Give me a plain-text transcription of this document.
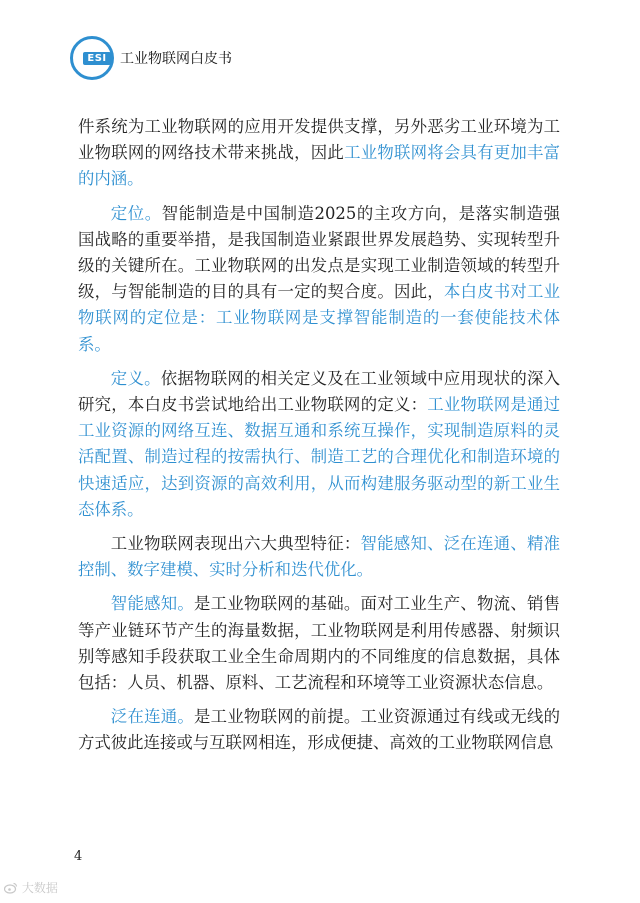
ESI 工业物联网白皮书

件系统为工业物联网的应用开发提供支撑，另外恶劣工业环境为工业物联网的网络技术带来挑战，因此工业物联网将会具有更加丰富的内涵。

定位。智能制造是中国制造2025的主攻方向，是落实制造强国战略的重要举措，是我国制造业紧跟世界发展趋势、实现转型升级的关键所在。工业物联网的出发点是实现工业制造领域的转型升级，与智能制造的目的具有一定的契合度。因此，本白皮书对工业物联网的定位是：工业物联网是支撑智能制造的一套使能技术体系。

定义。依据物联网的相关定义及在工业领域中应用现状的深入研究，本白皮书尝试地给出工业物联网的定义：工业物联网是通过工业资源的网络互连、数据互通和系统互操作，实现制造原料的灵活配置、制造过程的按需执行、制造工艺的合理优化和制造环境的快速适应，达到资源的高效利用，从而构建服务驱动型的新工业生态体系。

工业物联网表现出六大典型特征：智能感知、泛在连通、精准控制、数字建模、实时分析和迭代优化。

智能感知。是工业物联网的基础。面对工业生产、物流、销售等产业链环节产生的海量数据，工业物联网是利用传感器、射频识别等感知手段获取工业全生命周期内的不同维度的信息数据，具体包括：人员、机器、原料、工艺流程和环境等工业资源状态信息。

泛在连通。是工业物联网的前提。工业资源通过有线或无线的方式彼此连接或与互联网相连，形成便捷、高效的工业物联网信息

4
大数据
